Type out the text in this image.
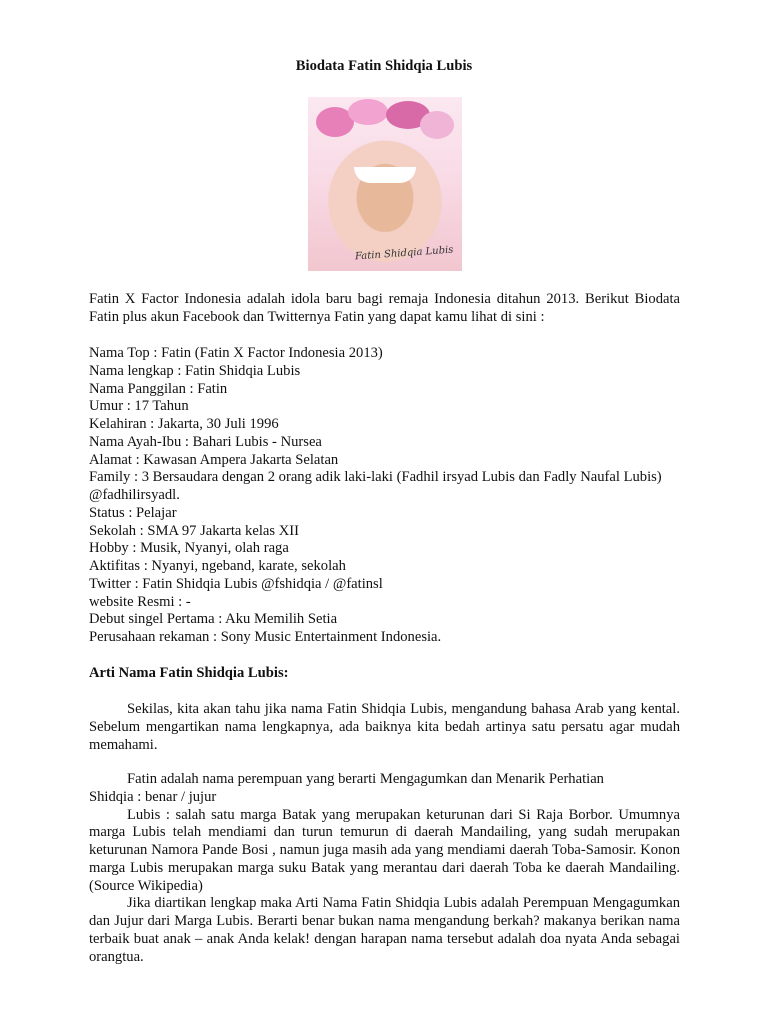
Biodata Fatin Shidqia Lubis
Fatin Shidqia Lubis

Fatin X Factor Indonesia adalah idola baru bagi remaja Indonesia ditahun 2013. Berikut Biodata Fatin plus akun Facebook dan Twitternya Fatin yang dapat kamu lihat di sini :

Nama Top : Fatin (Fatin X Factor Indonesia 2013)

Nama lengkap : Fatin Shidqia Lubis

Nama Panggilan : Fatin

Umur : 17 Tahun

Kelahiran : Jakarta, 30 Juli 1996

Nama Ayah-Ibu : Bahari Lubis - Nursea

Alamat : Kawasan Ampera Jakarta Selatan

Family : 3 Bersaudara dengan 2 orang adik laki-laki (Fadhil irsyad Lubis dan Fadly Naufal Lubis) @fadhilirsyadl.

Status : Pelajar

Sekolah : SMA 97 Jakarta kelas XII

Hobby : Musik, Nyanyi, olah raga

Aktifitas : Nyanyi, ngeband, karate, sekolah

Twitter : Fatin Shidqia Lubis @fshidqia / @fatinsl

website Resmi : -

Debut singel Pertama : Aku Memilih Setia

Perusahaan rekaman : Sony Music Entertainment Indonesia.

Arti Nama Fatin Shidqia Lubis:

Sekilas, kita akan tahu jika nama Fatin Shidqia Lubis, mengandung bahasa Arab yang kental. Sebelum mengartikan nama lengkapnya, ada baiknya kita bedah artinya satu persatu agar mudah memahami.

Fatin adalah nama perempuan yang berarti Mengagumkan dan Menarik Perhatian

Shidqia : benar / jujur

Lubis : salah satu marga Batak yang merupakan keturunan dari Si Raja Borbor. Umumnya marga Lubis telah mendiami dan turun temurun di daerah Mandailing, yang sudah merupakan keturunan Namora Pande Bosi , namun juga masih ada yang mendiami daerah Toba-Samosir. Konon marga Lubis merupakan marga suku Batak yang merantau dari daerah Toba ke daerah Mandailing. (Source Wikipedia)

Jika diartikan lengkap maka Arti Nama Fatin Shidqia Lubis adalah Perempuan Mengagumkan dan Jujur dari Marga Lubis. Berarti benar bukan nama mengandung berkah? makanya berikan nama terbaik buat anak – anak Anda kelak! dengan harapan nama tersebut adalah doa nyata Anda sebagai orangtua.
